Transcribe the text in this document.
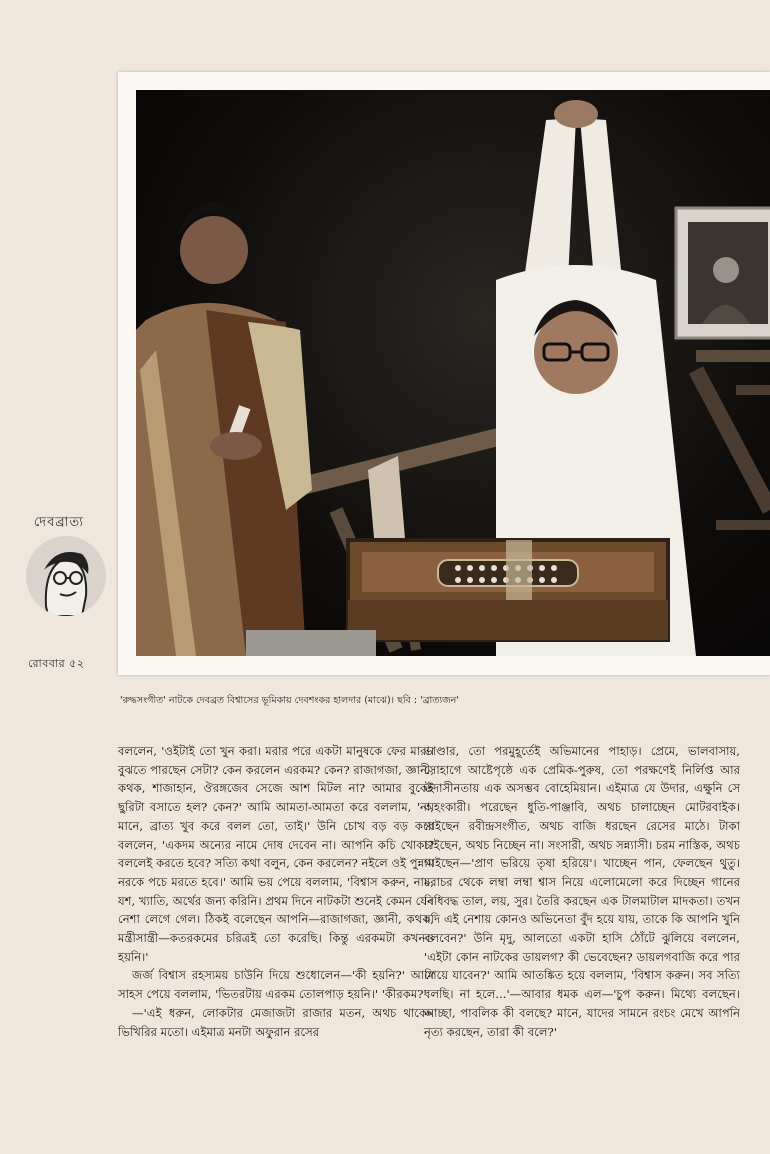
'রুদ্ধসংগীত' নাটকে দেবব্রত বিশ্বাসের ভূমিকায় দেবশংকর হালদার (মাঝে)। ছবি : 'ব্রাত্যজন'

দেবব্রাত্য

রোববার ৫২

বললেন, 'ওইটাই তো খুন করা। মরার পরে একটা মানুষকে ফের মারা। বুঝতে পারছেন সেটা? কেন করলেন এরকম? কেন? রাজাগজা, জ্ঞানী, কথক, শাজাহান, ঔরঙ্গজেব সেজে আশ মিটল না? আমার বুকেই ছুরিটা বসাতে হল? কেন?' আমি আমতা-আমতা করে বললাম, 'না, মানে, ব্রাত্য খুব করে বলল তো, তাই।' উনি চোখ বড় বড় করে বললেন, 'একদম অন্যের নামে দোষ দেবেন না। আপনি কচি খোকা? বললেই করতে হবে? সত্যি কথা বলুন, কেন করলেন? নইলে ওই পুন্নাম নরকে পচে মরতে হবে।' আমি ভয় পেয়ে বললাম, 'বিশ্বাস করুন, নাম, যশ, খ্যাতি, অর্থের জন্য করিনি। প্রথম দিনে নাটকটা শুনেই কেমন যেন নেশা লেগে গেল। ঠিকই বলেছেন আপনি—রাজাগজা, জ্ঞানী, কথক, মন্ত্রীসান্ত্রী—কতরকমের চরিত্রই তো করেছি। কিন্তু এরকমটা কখনও হয়নি।'

জর্জ বিশ্বাস রহস্যময় চাউনি দিয়ে শুধোলেন—'কী হয়নি?' আমি সাহস পেয়ে বললাম, 'ভিতরটায় এরকম তোলপাড় হয়নি।' 'কীরকম?'

—'এই ধরুন, লোকটার মেজাজটা রাজার মতন, অথচ থাকেন ভিখিরির মতো। এইমাত্র মনটা অফুরান রসের

ভাণ্ডার, তো পরমুহূর্তেই অভিমানের পাহাড়। প্রেমে, ভালবাসায়, সোহাগে আষ্টেপৃষ্ঠে এক প্রেমিক-পুরুষ, তো পরক্ষণেই নির্লিপ্ত আর উদাসীনতায় এক অসম্ভব বোহেমিয়ান। এইমাত্র যে উদার, এক্ষুনি সে অহংকারী। পরেছেন ধুতি-পাঞ্জাবি, অথচ চালাচ্ছেন মোটরবাইক। গাইছেন রবীন্দ্রসংগীত, অথচ বাজি ধরছেন রেসের মাঠে। টাকা চাইছেন, অথচ নিচ্ছেন না। সংসারী, অথচ সন্ন্যাসী। চরম নাস্তিক, অথচ গাইছেন—'প্রাণ ভরিয়ে তৃষা হরিয়ে'। খাচ্ছেন পান, ফেলছেন থুতু। চরাচর থেকে লম্বা লম্বা শ্বাস নিয়ে এলোমেলো করে দিচ্ছেন গানের বিধিবদ্ধ তাল, লয়, সুর। তৈরি করছেন এক টালমাটাল মাদকতা। তখন যদি এই নেশায় কোনও অভিনেতা বুঁদ হয়ে যায়, তাকে কি আপনি খুনি বলবেন?' উনি মৃদু, আলতো একটা হাসি ঠোঁটে ঝুলিয়ে বললেন, 'এইটা কোন নাটকের ডায়লগ? কী ভেবেছেন? ডায়লগবাজি করে পার পেয়ে যাবেন?' আমি আতঙ্কিত হয়ে বললাম, 'বিশ্বাস করুন। সব সত্যি বলছি। না হলে...'—আবার ধমক এল—'চুপ করুন। মিথ্যে বলছেন। আচ্ছা, পাবলিক কী বলছে? মানে, যাদের সামনে রংচং মেখে আপনি নৃত্য করছেন, তারা কী বলে?'
